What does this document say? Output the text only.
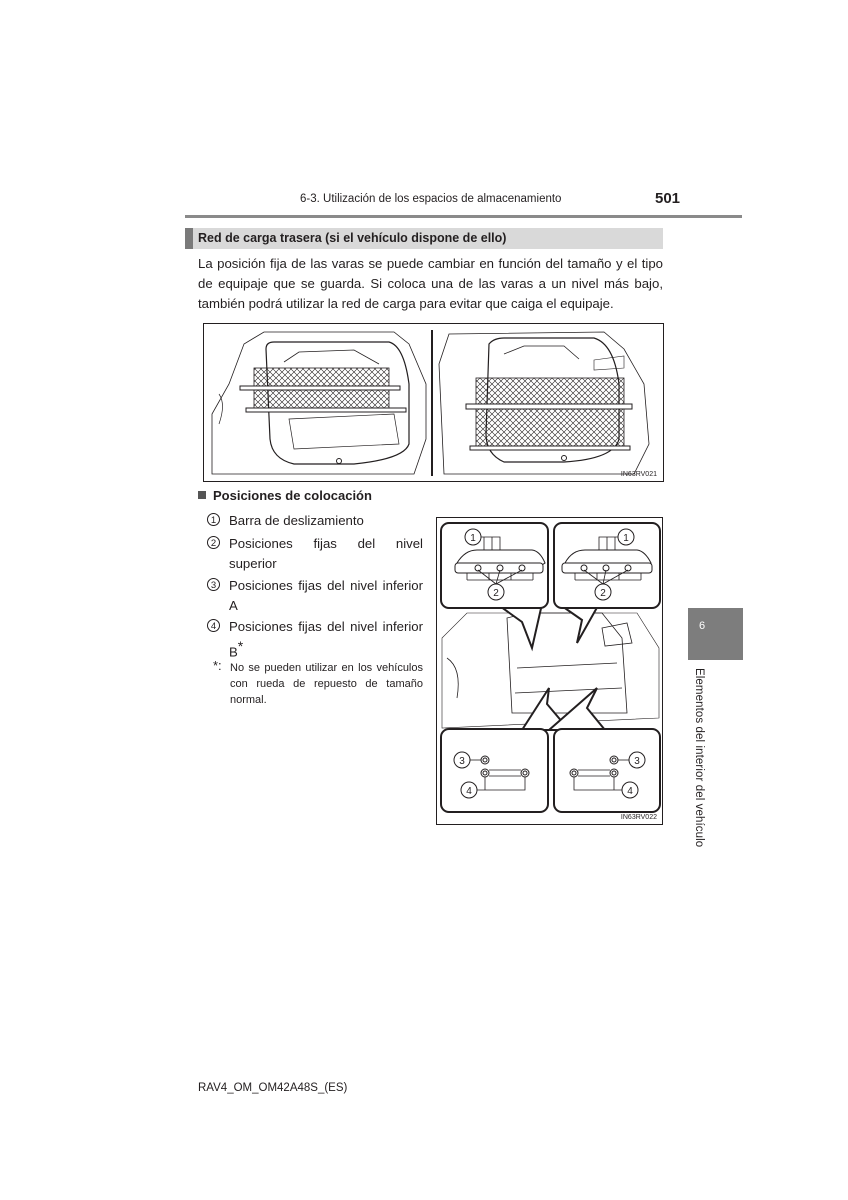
6-3. Utilización de los espacios de almacenamiento	501
Red de carga trasera (si el vehículo dispone de ello)
La posición fija de las varas se puede cambiar en función del tamaño y el tipo de equipaje que se guarda. Si coloca una de las varas a un nivel más bajo, también podrá utilizar la red de carga para evitar que caiga el equipaje.
IN63RV021
Posiciones de colocación
1 Barra de deslizamiento
2 Posiciones fijas del nivel superior
3 Posiciones fijas del nivel inferior A
4 Posiciones fijas del nivel inferior B*
*: No se pueden utilizar en los vehículos con rueda de repuesto de tamaño normal.
1
2
1
2
3
4
3
4
IN63RV022
6
Elementos del interior del vehículo
RAV4_OM_OM42A48S_(ES)
